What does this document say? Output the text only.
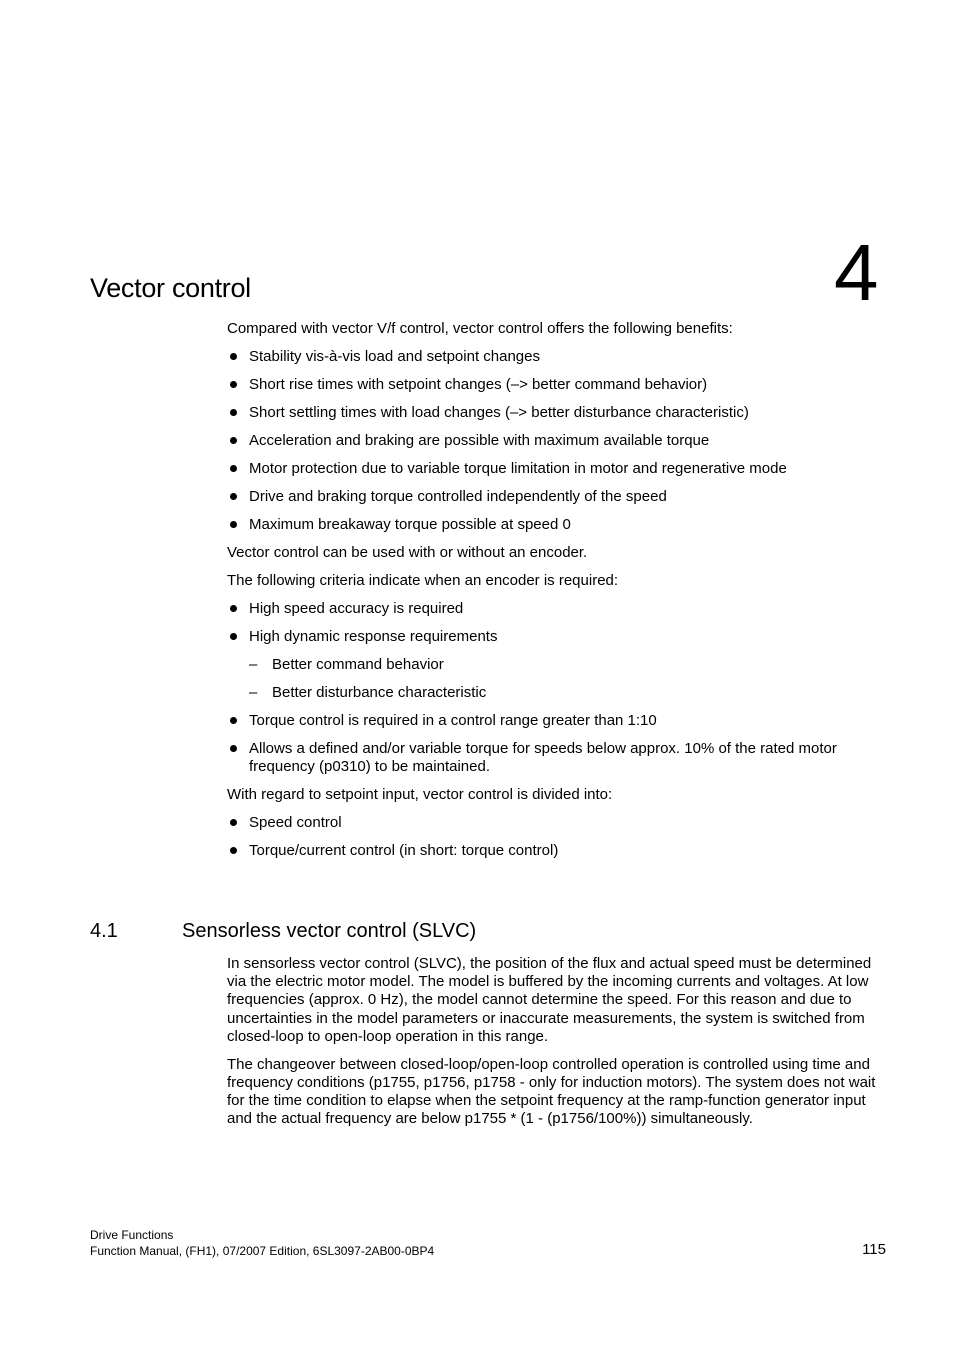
4
Vector control

Compared with vector V/f control, vector control offers the following benefits:

Stability vis-à-vis load and setpoint changes
Short rise times with setpoint changes (–> better command behavior)
Short settling times with load changes (–> better disturbance characteristic)
Acceleration and braking are possible with maximum available torque
Motor protection due to variable torque limitation in motor and regenerative mode
Drive and braking torque controlled independently of the speed
Maximum breakaway torque possible at speed 0

Vector control can be used with or without an encoder.

The following criteria indicate when an encoder is required:

High speed accuracy is required
High dynamic response requirements
– Better command behavior
– Better disturbance characteristic
Torque control is required in a control range greater than 1:10
Allows a defined and/or variable torque for speeds below approx. 10% of the rated motor frequency (p0310) to be maintained.

With regard to setpoint input, vector control is divided into:

Speed control
Torque/current control (in short: torque control)
4.1	Sensorless vector control (SLVC)

In sensorless vector control (SLVC), the position of the flux and actual speed must be determined via the electric motor model. The model is buffered by the incoming currents and voltages. At low frequencies (approx. 0 Hz), the model cannot determine the speed. For this reason and due to uncertainties in the model parameters or inaccurate measurements, the system is switched from closed-loop to open-loop operation in this range.

The changeover between closed-loop/open-loop controlled operation is controlled using time and frequency conditions (p1755, p1756, p1758 - only for induction motors). The system does not wait for the time condition to elapse when the setpoint frequency at the ramp-function generator input and the actual frequency are below p1755 * (1 - (p1756/100%)) simultaneously.

Drive Functions
Function Manual, (FH1), 07/2007 Edition, 6SL3097-2AB00-0BP4	115
